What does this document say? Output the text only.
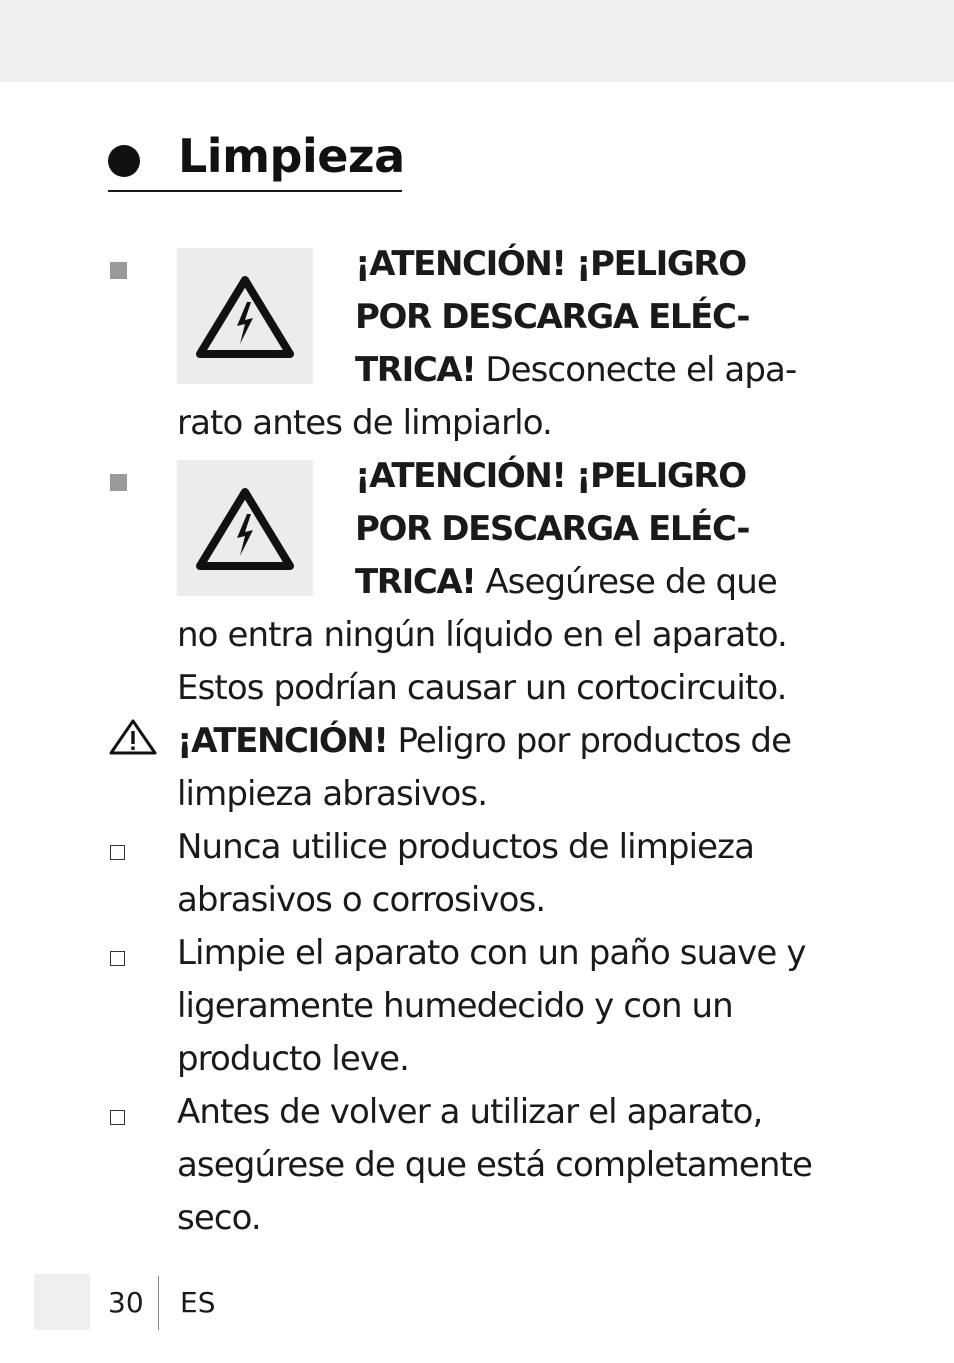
Limpieza
¡ATENCIÓN! ¡PELIGRO
POR DESCARGA ELÉC-
TRICA! Desconecte el apa-
rato antes de limpiarlo.
¡ATENCIÓN! ¡PELIGRO
POR DESCARGA ELÉC-
TRICA! Asegúrese de que
no entra ningún líquido en el aparato.
Estos podrían causar un cortocircuito.
¡ATENCIÓN! Peligro por productos de
limpieza abrasivos.
Nunca utilice productos de limpieza
abrasivos o corrosivos.
Limpie el aparato con un paño suave y
ligeramente humedecido y con un
producto leve.
Antes de volver a utilizar el aparato,
asegúrese de que está completamente
seco.
30 ES
